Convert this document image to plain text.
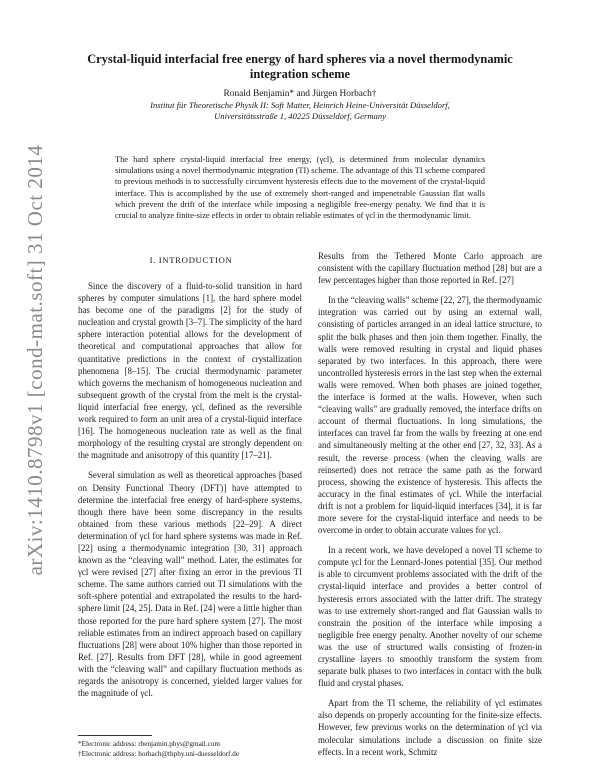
arXiv:1410.8798v1 [cond-mat.soft] 31 Oct 2014
Crystal-liquid interfacial free energy of hard spheres via a novel thermodynamic integration scheme
Ronald Benjamin* and Jürgen Horbach†
Institut für Theoretische Physik II: Soft Matter, Heinrich Heine-Universität Düsseldorf,
Universitätsstraße 1, 40225 Düsseldorf, Germany
The hard sphere crystal-liquid interfacial free energy, (γcl), is determined from molecular dynamics simulations using a novel thermodynamic integration (TI) scheme. The advantage of this TI scheme compared to previous methods is to successfully circumvent hysteresis effects due to the movement of the crystal-liquid interface. This is accomplished by the use of extremely short-ranged and impenetrable Gaussian flat walls which prevent the drift of the interface while imposing a negligible free-energy penalty. We find that it is crucial to analyze finite-size effects in order to obtain reliable estimates of γcl in the thermodynamic limit.
I. INTRODUCTION

Since the discovery of a fluid-to-solid transition in hard spheres by computer simulations [1], the hard sphere model has become one of the paradigms [2] for the study of nucleation and crystal growth [3–7]. The simplicity of the hard sphere interaction potential allows for the development of theoretical and computational approaches that allow for quantitative predictions in the context of crystallization phenomena [8–15]. The crucial thermodynamic parameter which governs the mechanism of homogeneous nucleation and subsequent growth of the crystal from the melt is the crystal-liquid interfacial free energy, γcl, defined as the reversible work required to form an unit area of a crystal-liquid interface [16]. The homogeneous nucleation rate as well as the final morphology of the resulting crystal are strongly dependent on the magnitude and anisotropy of this quantity [17–21].

Several simulation as well as theoretical approaches [based on Density Functional Theory (DFT)] have attempted to determine the interfacial free energy of hard-sphere systems, though there have been some discrepancy in the results obtained from these various methods [22–29]. A direct determination of γcl for hard sphere systems was made in Ref. [22] using a thermodynamic integration [30, 31] approach known as the “cleaving wall” method. Later, the estimates for γcl were revised [27] after fixing an error in the previous TI scheme. The same authors carried out TI simulations with the soft-sphere potential and extrapolated the results to the hard-sphere limit [24, 25]. Data in Ref. [24] were a little higher than those reported for the pure hard sphere system [27]. The most reliable estimates from an indirect approach based on capillary fluctuations [28] were about 10% higher than those reported in Ref. [27]. Results from DFT [28], while in good agreement with the “cleaving wall” and capillary fluctuation methods as regards the anisotropy is concerned, yielded larger values for the magnitude of γcl.

Results from the Tethered Monte Carlo approach are consistent with the capillary fluctuation method [28] but are a few percentages higher than those reported in Ref. [27]

In the “cleaving walls” scheme [22, 27], the thermodynamic integration was carried out by using an external wall, consisting of particles arranged in an ideal lattice structure, to split the bulk phases and then join them together. Finally, the walls were removed resulting in crystal and liquid phases separated by two interfaces. In this approach, there were uncontrolled hysteresis errors in the last step when the external walls were removed. When both phases are joined together, the interface is formed at the walls. However, when such “cleaving walls” are gradually removed, the interface drifts on account of thermal fluctuations. In long simulations, the interfaces can travel far from the walls by freezing at one end and simultaneously melting at the other end [27, 32, 33]. As a result, the reverse process (when the cleaving walls are reinserted) does not retrace the same path as the forward process, showing the existence of hysteresis. This affects the accuracy in the final estimates of γcl. While the interfacial drift is not a problem for liquid-liquid interfaces [34], it is far more severe for the crystal-liquid interface and needs to be overcome in order to obtain accurate values for γcl.

In a recent work, we have developed a novel TI scheme to compute γcl for the Lennard-Jones potential [35]. Our method is able to circumvent problems associated with the drift of the crystal-liquid interface and provides a better control of hysteresis errors associated with the latter drift. The strategy was to use extremely short-ranged and flat Gaussian walls to constrain the position of the interface while imposing a negligible free energy penalty. Another novelty of our scheme was the use of structured walls consisting of frozen-in crystalline layers to smoothly transform the system from separate bulk phases to two interfaces in contact with the bulk fluid and crystal phases.

Apart from the TI scheme, the reliability of γcl estimates also depends on properly accounting for the finite-size effects. However, few previous works on the determination of γcl via molecular simulations include a discussion on finite size effects. In a recent work, Schmitz

*Electronic address: rbenjamin.phys@gmail.com
†Electronic address: horbach@thphy.uni-duesseldorf.de
